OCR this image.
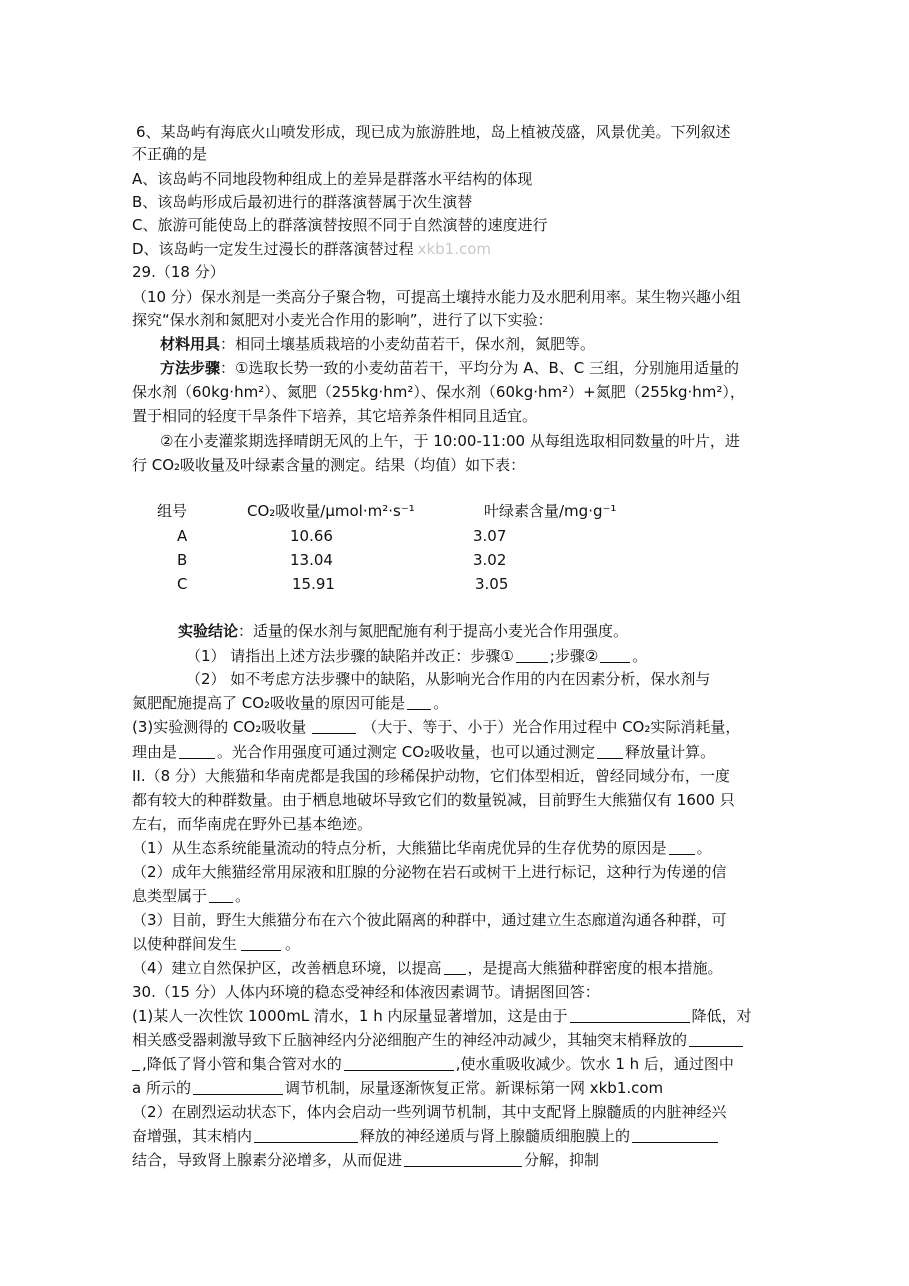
6、某岛屿有海底火山喷发形成，现已成为旅游胜地，岛上植被茂盛，风景优美。下列叙述
不正确的是
A、该岛屿不同地段物种组成上的差异是群落水平结构的体现
B、该岛屿形成后最初进行的群落演替属于次生演替
C、旅游可能使岛上的群落演替按照不同于自然演替的速度进行
D、该岛屿一定发生过漫长的群落演替过程 xkb1.com
29.（18 分）
（10 分）保水剂是一类高分子聚合物，可提高土壤持水能力及水肥利用率。某生物兴趣小组
探究“保水剂和氮肥对小麦光合作用的影响”，进行了以下实验：
材料用具：相同土壤基质栽培的小麦幼苗若干，保水剂，氮肥等。
方法步骤：①选取长势一致的小麦幼苗若干，平均分为 A、B、C 三组，分别施用适量的
保水剂（60kg·hm²）、氮肥（255kg·hm²）、保水剂（60kg·hm²）+氮肥（255kg·hm²），
置于相同的轻度干旱条件下培养，其它培养条件相同且适宜。
②在小麦灌浆期选择晴朗无风的上午，于 10:00-11:00 从每组选取相同数量的叶片，进
行 CO₂吸收量及叶绿素含量的测定。结果（均值）如下表：
组号	CO₂吸收量/μmol·m²·s⁻¹	叶绿素含量/mg·g⁻¹
A	10.66	3.07
B	13.04	3.02
C	15.91	3.05
实验结论：适量的保水剂与氮肥配施有利于提高小麦光合作用强度。
（1） 请指出上述方法步骤的缺陷并改正：步骤① ;步骤② 。
（2） 如不考虑方法步骤中的缺陷，从影响光合作用的内在因素分析，保水剂与
氮肥配施提高了 CO₂吸收量的原因可能是 。
(3)实验测得的 CO₂吸收量	（大于、等于、小于）光合作用过程中 CO₂实际消耗量，
理由是	。光合作用强度可通过测定 CO₂吸收量，也可以通过测定 释放量计算。
II.（8 分）大熊猫和华南虎都是我国的珍稀保护动物，它们体型相近，曾经同域分布，一度
都有较大的种群数量。由于栖息地破坏导致它们的数量锐减，目前野生大熊猫仅有 1600 只
左右，而华南虎在野外已基本绝迹。
（1）从生态系统能量流动的特点分析，大熊猫比华南虎优异的生存优势的原因是 。
（2）成年大熊猫经常用尿液和肛腺的分泌物在岩石或树干上进行标记，这种行为传递的信
息类型属于 。
（3）目前，野生大熊猫分布在六个彼此隔离的种群中，通过建立生态廊道沟通各种群，可
以使种群间发生	。
（4）建立自然保护区，改善栖息环境，以提高 ，是提高大熊猫种群密度的根本措施。
30.（15 分）人体内环境的稳态受神经和体液因素调节。请据图回答：
(1)某人一次性饮 1000mL 清水，1 h 内尿量显著增加，这是由于	降低，对
相关感受器刺激导致下丘脑神经内分泌细胞产生的神经冲动减少，其轴突末梢释放的
,降低了肾小管和集合管对水的	,使水重吸收减少。饮水 1 h 后，通过图中
a 所示的	调节机制，尿量逐渐恢复正常。新课标第一网 xkb1.com
（2）在剧烈运动状态下，体内会启动一些列调节机制，其中支配肾上腺髓质的内脏神经兴
奋增强，其末梢内	释放的神经递质与肾上腺髓质细胞膜上的
结合，导致肾上腺素分泌增多，从而促进	分解，抑制
